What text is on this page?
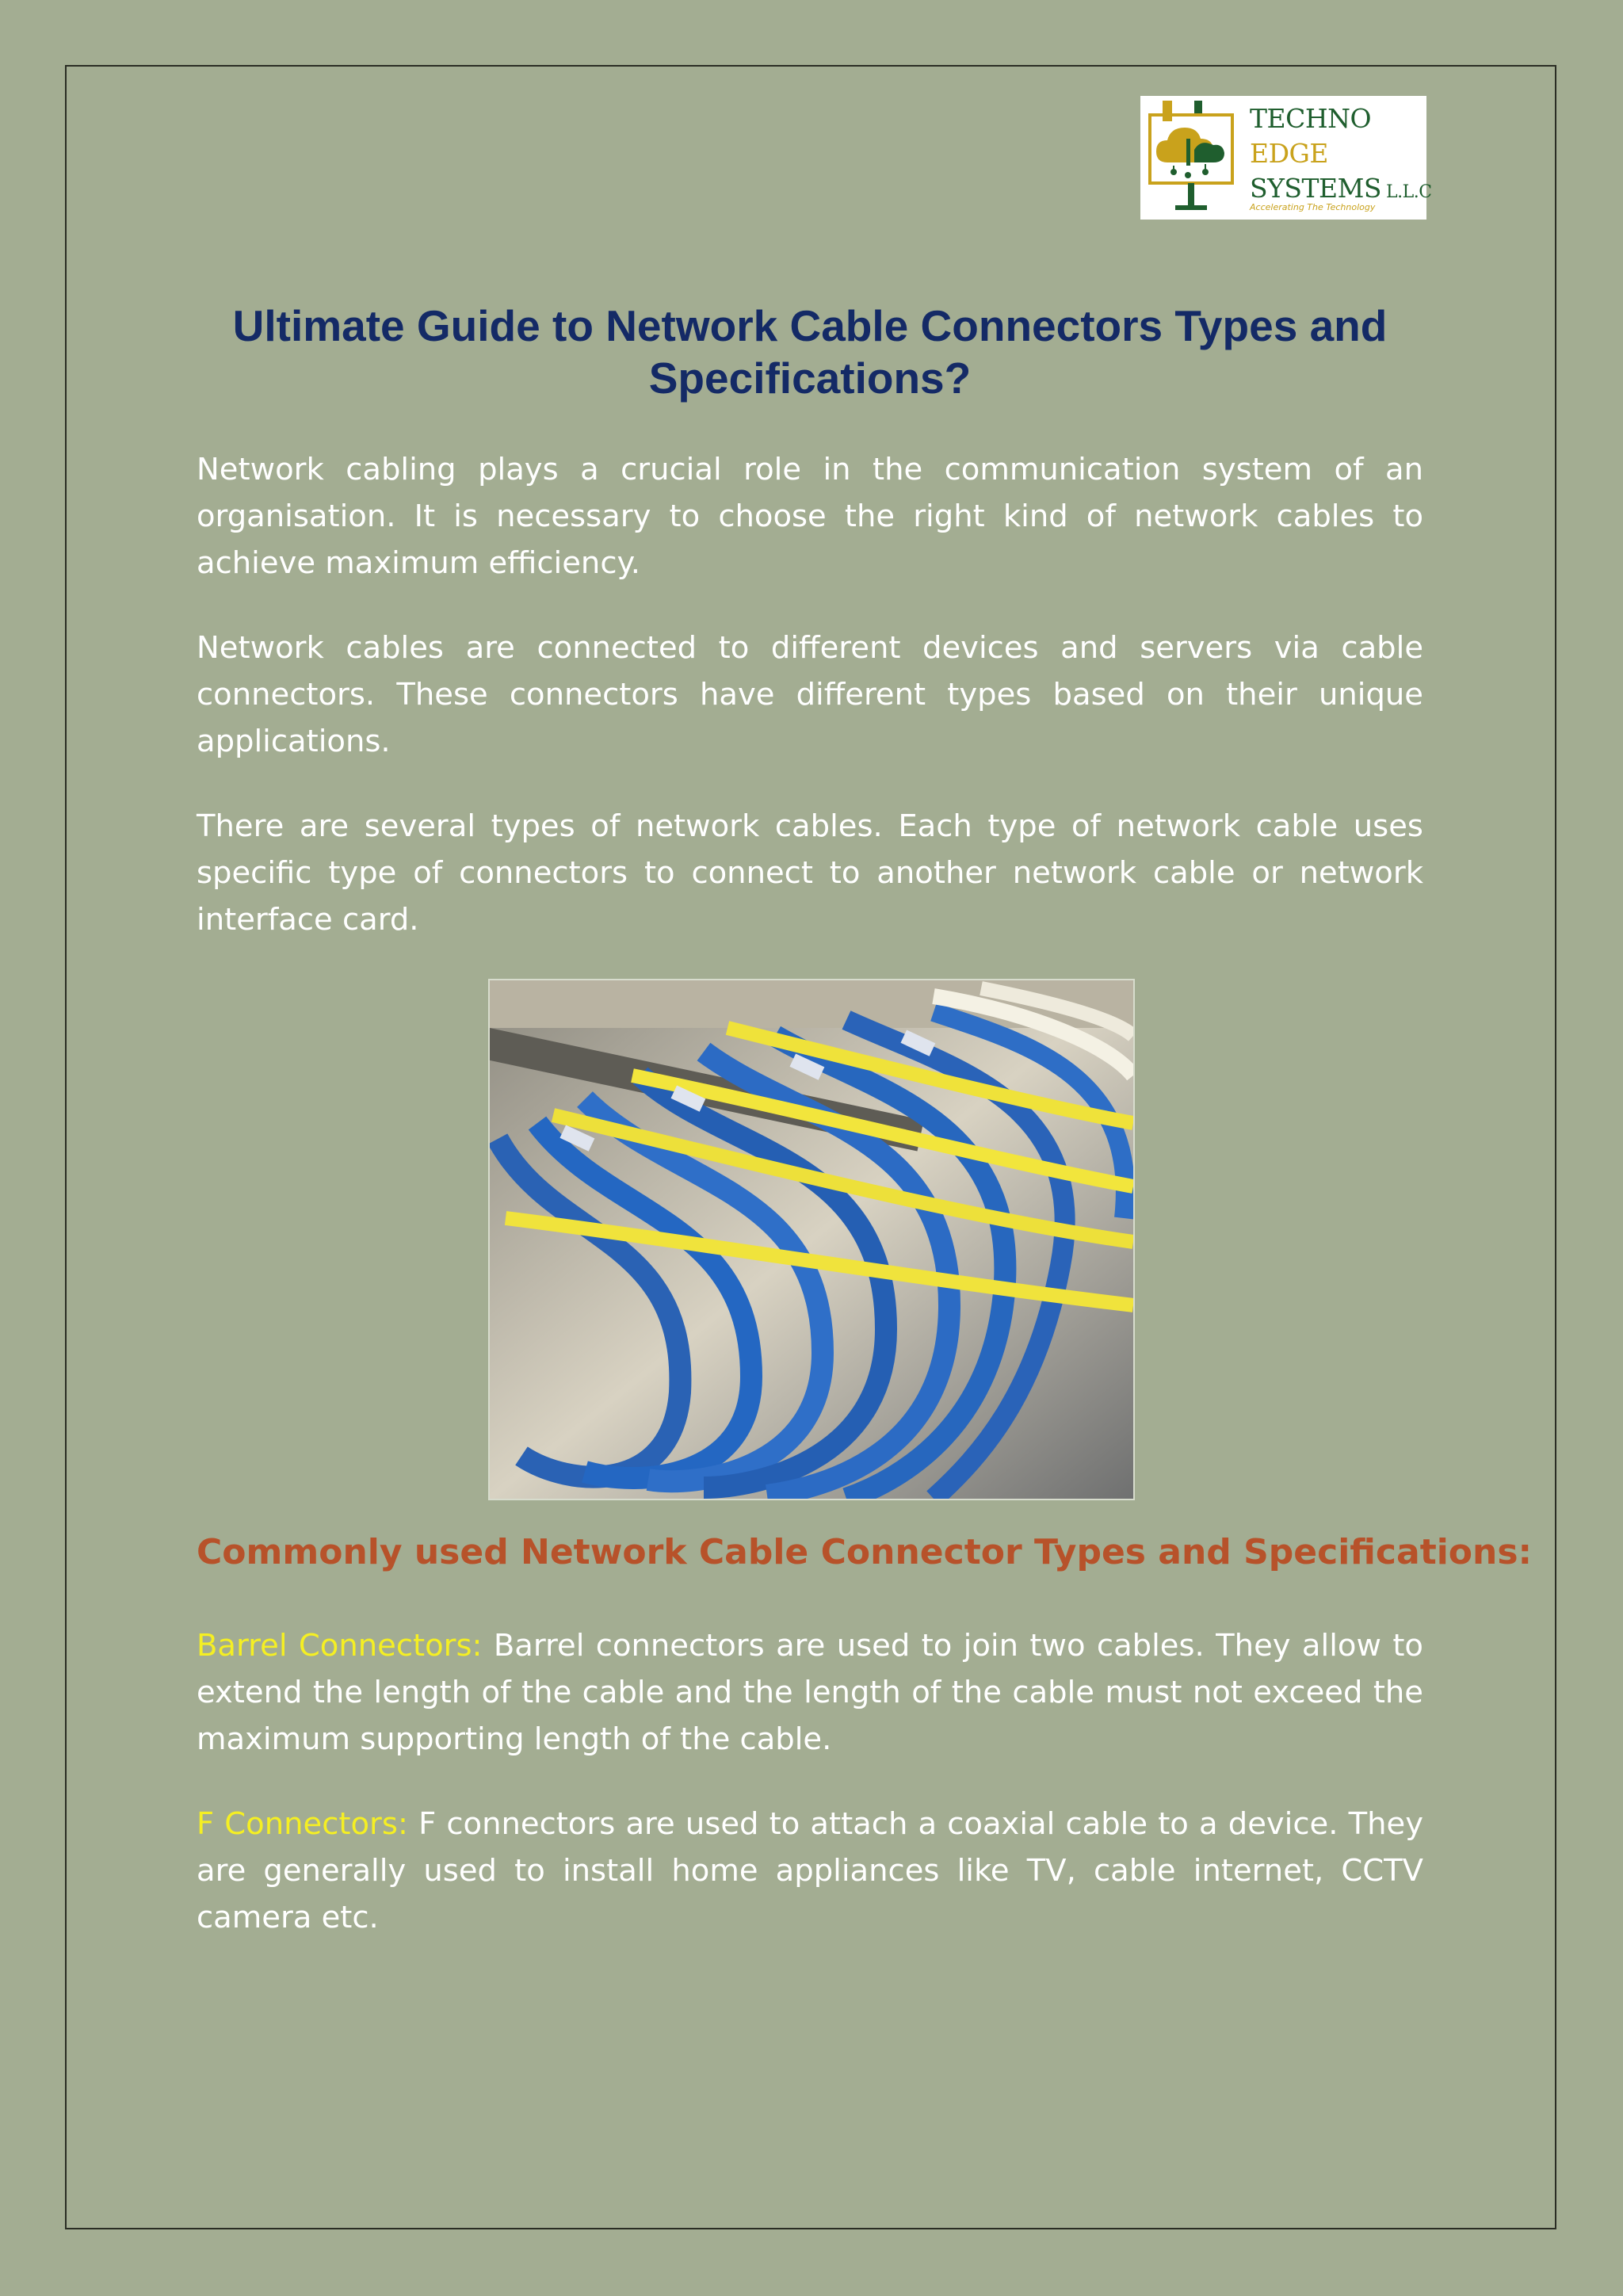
TECHNO
EDGE
SYSTEMS L.L.C
Accelerating The Technology
Ultimate Guide to Network Cable Connectors Types and Specifications?

Network cabling plays a crucial role in the communication system of an organisation. It is necessary to choose the right kind of network cables to achieve maximum efficiency.

Network cables are connected to different devices and servers via cable connectors. These connectors have different types based on their unique applications.

There are several types of network cables. Each type of network cable uses specific type of connectors to connect to another network cable or network interface card.

Commonly used Network Cable Connector Types and Specifications:

Barrel Connectors: Barrel connectors are used to join two cables. They allow to extend the length of the cable and the length of the cable must not exceed the maximum supporting length of the cable.

F Connectors: F connectors are used to attach a coaxial cable to a device. They are generally used to install home appliances like TV, cable internet, CCTV camera etc.
